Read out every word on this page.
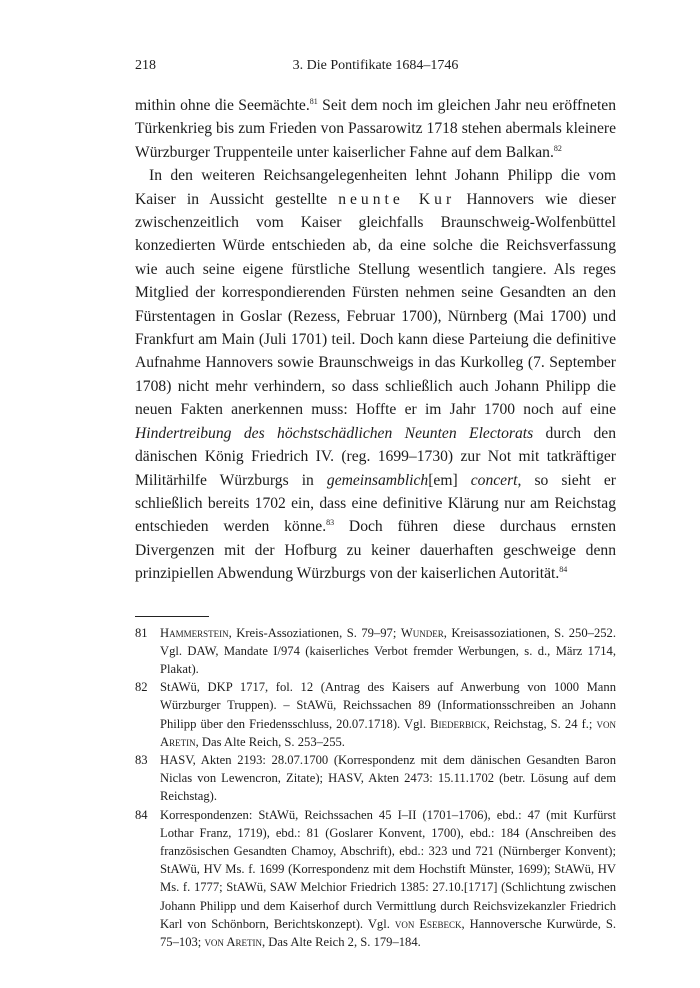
218	3. Die Pontifikate 1684–1746

mithin ohne die Seemächte.$^{81}$ Seit dem noch im gleichen Jahr neu eröffneten Türkenkrieg bis zum Frieden von Passarowitz 1718 stehen abermals kleinere Würzburger Truppenteile unter kaiserlicher Fahne auf dem Balkan.$^{82}$

In den weiteren Reichsangelegenheiten lehnt Johann Philipp die vom Kaiser in Aussicht gestellte neunte Kur Hannovers wie dieser zwischenzeitlich vom Kaiser gleichfalls Braunschweig-Wolfenbüttel konzedierten Würde entschieden ab, da eine solche die Reichsverfassung wie auch seine eigene fürstliche Stellung wesentlich tangiere. Als reges Mitglied der korrespondierenden Fürsten nehmen seine Gesandten an den Fürstentagen in Goslar (Rezess, Februar 1700), Nürnberg (Mai 1700) und Frankfurt am Main (Juli 1701) teil. Doch kann diese Parteiung die definitive Aufnahme Hannovers sowie Braunschweigs in das Kurkolleg (7. September 1708) nicht mehr verhindern, so dass schließlich auch Johann Philipp die neuen Fakten anerkennen muss: Hoffte er im Jahr 1700 noch auf eine Hindertreibung des höchstschädlichen Neunten Electorats durch den dänischen König Friedrich IV. (reg. 1699–1730) zur Not mit tatkräftiger Militärhilfe Würzburgs in gemeinsamblich[em] concert, so sieht er schließlich bereits 1702 ein, dass eine definitive Klärung nur am Reichstag entschieden werden könne.$^{83}$ Doch führen diese durchaus ernsten Divergenzen mit der Hofburg zu keiner dauerhaften geschweige denn prinzipiellen Abwendung Würzburgs von der kaiserlichen Autorität.$^{84}$

81 Hammerstein, Kreis-Assoziationen, S. 79–97; Wunder, Kreisassoziationen, S. 250–252. Vgl. DAW, Mandate I/974 (kaiserliches Verbot fremder Werbungen, s. d., März 1714, Plakat).
82 StAWü, DKP 1717, fol. 12 (Antrag des Kaisers auf Anwerbung von 1000 Mann Würzburger Truppen). – StAWü, Reichssachen 89 (Informationsschreiben an Johann Philipp über den Friedensschluss, 20.07.1718). Vgl. Biederbick, Reichstag, S. 24 f.; von Aretin, Das Alte Reich, S. 253–255.
83 HASV, Akten 2193: 28.07.1700 (Korrespondenz mit dem dänischen Gesandten Baron Niclas von Lewencron, Zitate); HASV, Akten 2473: 15.11.1702 (betr. Lösung auf dem Reichstag).
84 Korrespondenzen: StAWü, Reichssachen 45 I–II (1701–1706), ebd.: 47 (mit Kurfürst Lothar Franz, 1719), ebd.: 81 (Goslarer Konvent, 1700), ebd.: 184 (Anschreiben des französischen Gesandten Chamoy, Abschrift), ebd.: 323 und 721 (Nürnberger Konvent); StAWü, HV Ms. f. 1699 (Korrespondenz mit dem Hochstift Münster, 1699); StAWü, HV Ms. f. 1777; StAWü, SAW Melchior Friedrich 1385: 27.10.[1717] (Schlichtung zwischen Johann Philipp und dem Kaiserhof durch Vermittlung durch Reichsvizekanzler Friedrich Karl von Schönborn, Berichtskonzept). Vgl. von Esebeck, Hannoversche Kurwürde, S. 75–103; von Aretin, Das Alte Reich 2, S. 179–184.
